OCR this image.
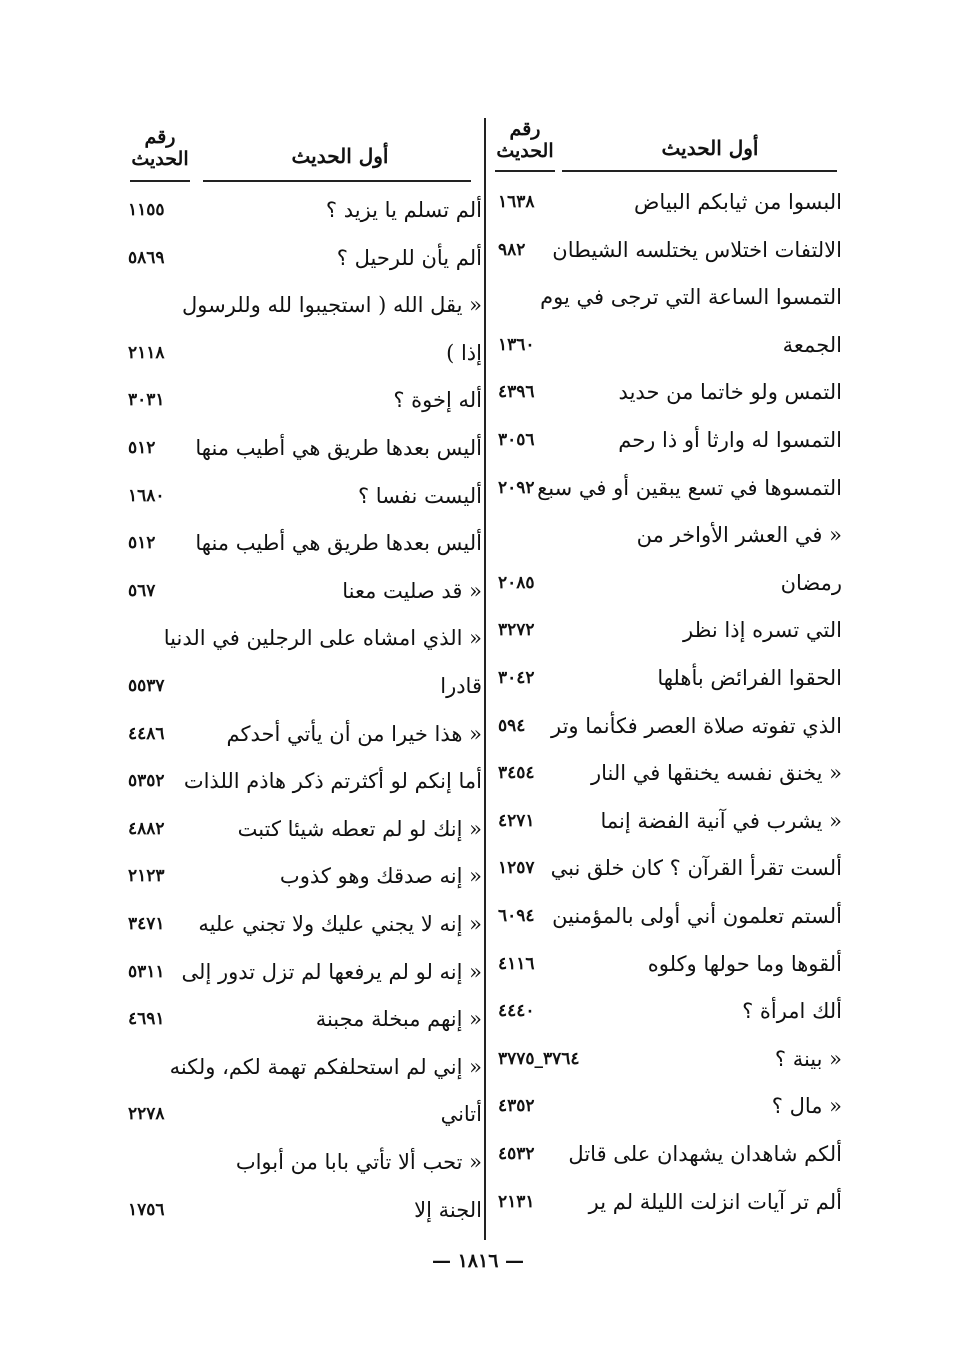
رقم
الحديث	أول الحديث
رقم
الحديث	أول الحديث
البسوا من ثيابكم البياض
١٦٣٨
الالتفات اختلاس يختلسه الشيطان
٩٨٢
التمسوا الساعة التي ترجى في يوم
الجمعة
١٣٦٠
التمس ولو خاتما من حديد
٤٣٩٦
التمسوا له وارثا أو ذا رحم
٣٠٥٦
التمسوها في تسع يبقين أو في سبع
٢٠٩٢
« في العشر الأواخر من
رمضان
٢٠٨٥
التي تسره إذا نظر
٣٢٧٢
الحقوا الفرائض بأهلها
٣٠٤٢
الذي تفوته صلاة العصر فكأنما وتر
٥٩٤
« يخنق نفسه يخنقها في النار
٣٤٥٤
« يشرب في آنية الفضة إنما
٤٢٧١
ألست تقرأ القرآن ؟ كان خلق نبي
١٢٥٧
ألستم تعلمون أني أولى بالمؤمنين
٦٠٩٤
ألقوها وما حولها وكلوه
٤١١٦
ألك امرأة ؟
٤٤٤٠
« بينة ؟
٣٧٦٤_٣٧٧٥
« مال ؟
٤٣٥٢
ألكم شاهدان يشهدان على قاتل
٤٥٣٢
ألم تر آيات انزلت الليلة لم ير
٢١٣١
ألم تسلم يا يزيد ؟
١١٥٥
ألم يأن للرحيل ؟
٥٨٦٩
« يقل الله ( استجيبوا لله وللرسول
إذا )
٢١١٨
أله إخوة ؟
٣٠٣١
أليس بعدها طريق هي أطيب منها
٥١٢
أليست نفسا ؟
١٦٨٠
أليس بعدها طريق هي أطيب منها
٥١٢
« قد صليت معنا
٥٦٧
« الذي امشاه على الرجلين في الدنيا
قادرا
٥٥٣٧
« هذا خيرا من أن يأتي أحدكم
٤٤٨٦
أما إنكم لو أكثرتم ذكر هاذم اللذات
٥٣٥٢
« إنك لو لم تعطه شيئا كتبت
٤٨٨٢
« إنه صدقك وهو كذوب
٢١٢٣
« إنه لا يجني عليك ولا تجني عليه
٣٤٧١
« إنه لو لم يرفعها لم تزل تدور إلى
٥٣١١
« إنهم مبخلة مجبنة
٤٦٩١
« إني لم استحلفكم تهمة لكم، ولكنه
أتاني
٢٢٧٨
« تحب ألا تأتي بابا من أبواب
الجنة إلا
١٧٥٦
— ١٨١٦ —
